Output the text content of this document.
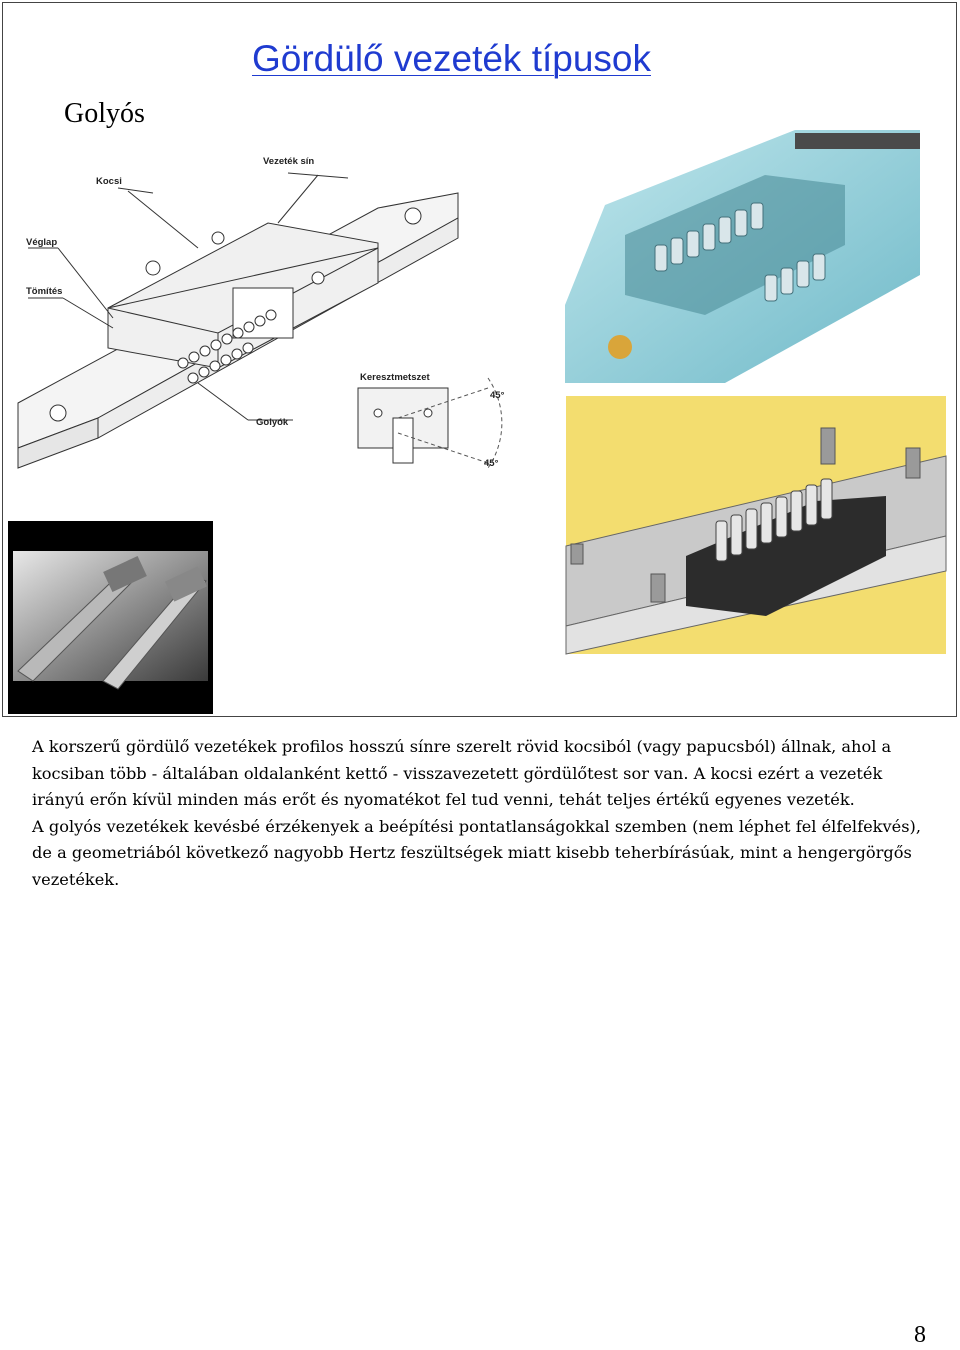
Gördülő vezeték típusok
Golyós
Vezeték sín
Kocsi
Véglap
Tömítés
Golyók
Keresztmetszet
45°
45°

A korszerű gördülő vezetékek profilos hosszú sínre szerelt rövid kocsiból (vagy papucsból) állnak, ahol a kocsiban több - általában oldalanként kettő - visszavezetett gördülőtest sor van. A kocsi ezért a vezeték irányú erőn kívül minden más erőt és nyomatékot fel tud venni, tehát teljes értékű egyenes vezeték.

A golyós vezetékek kevésbé érzékenyek a beépítési pontatlanságokkal szemben (nem léphet fel élfelfekvés), de a geometriából következő nagyobb Hertz feszültségek miatt kisebb teherbírásúak, mint a hengergörgős vezetékek.

8
